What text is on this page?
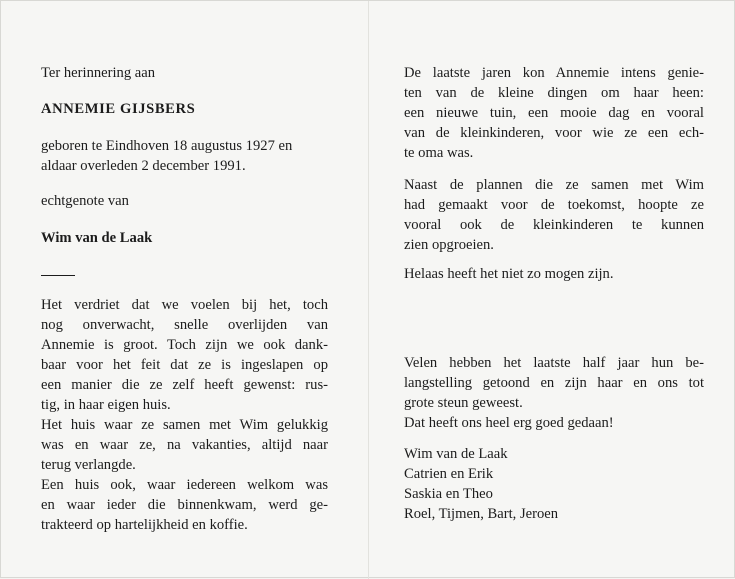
Ter herinnering aan
ANNEMIE GIJSBERS
geboren te Eindhoven 18 augustus 1927 en
aldaar overleden 2 december 1991.
echtgenote van
Wim van de Laak
Het verdriet dat we voelen bij het, toch
nog onverwacht, snelle overlijden van
Annemie is groot. Toch zijn we ook dank-
baar voor het feit dat ze is ingeslapen op
een manier die ze zelf heeft gewenst: rus-
tig, in haar eigen huis.
Het huis waar ze samen met Wim gelukkig
was en waar ze, na vakanties, altijd naar
terug verlangde.
Een huis ook, waar iedereen welkom was
en waar ieder die binnenkwam, werd ge-
trakteerd op hartelijkheid en koffie.
De laatste jaren kon Annemie intens genie-
ten van de kleine dingen om haar heen:
een nieuwe tuin, een mooie dag en vooral
van de kleinkinderen, voor wie ze een ech-
te oma was.
Naast de plannen die ze samen met Wim
had gemaakt voor de toekomst, hoopte ze
vooral ook de kleinkinderen te kunnen
zien opgroeien.
Helaas heeft het niet zo mogen zijn.
Velen hebben het laatste half jaar hun be-
langstelling getoond en zijn haar en ons tot
grote steun geweest.
Dat heeft ons heel erg goed gedaan!
Wim van de Laak
Catrien en Erik
Saskia en Theo
Roel, Tijmen, Bart, Jeroen
